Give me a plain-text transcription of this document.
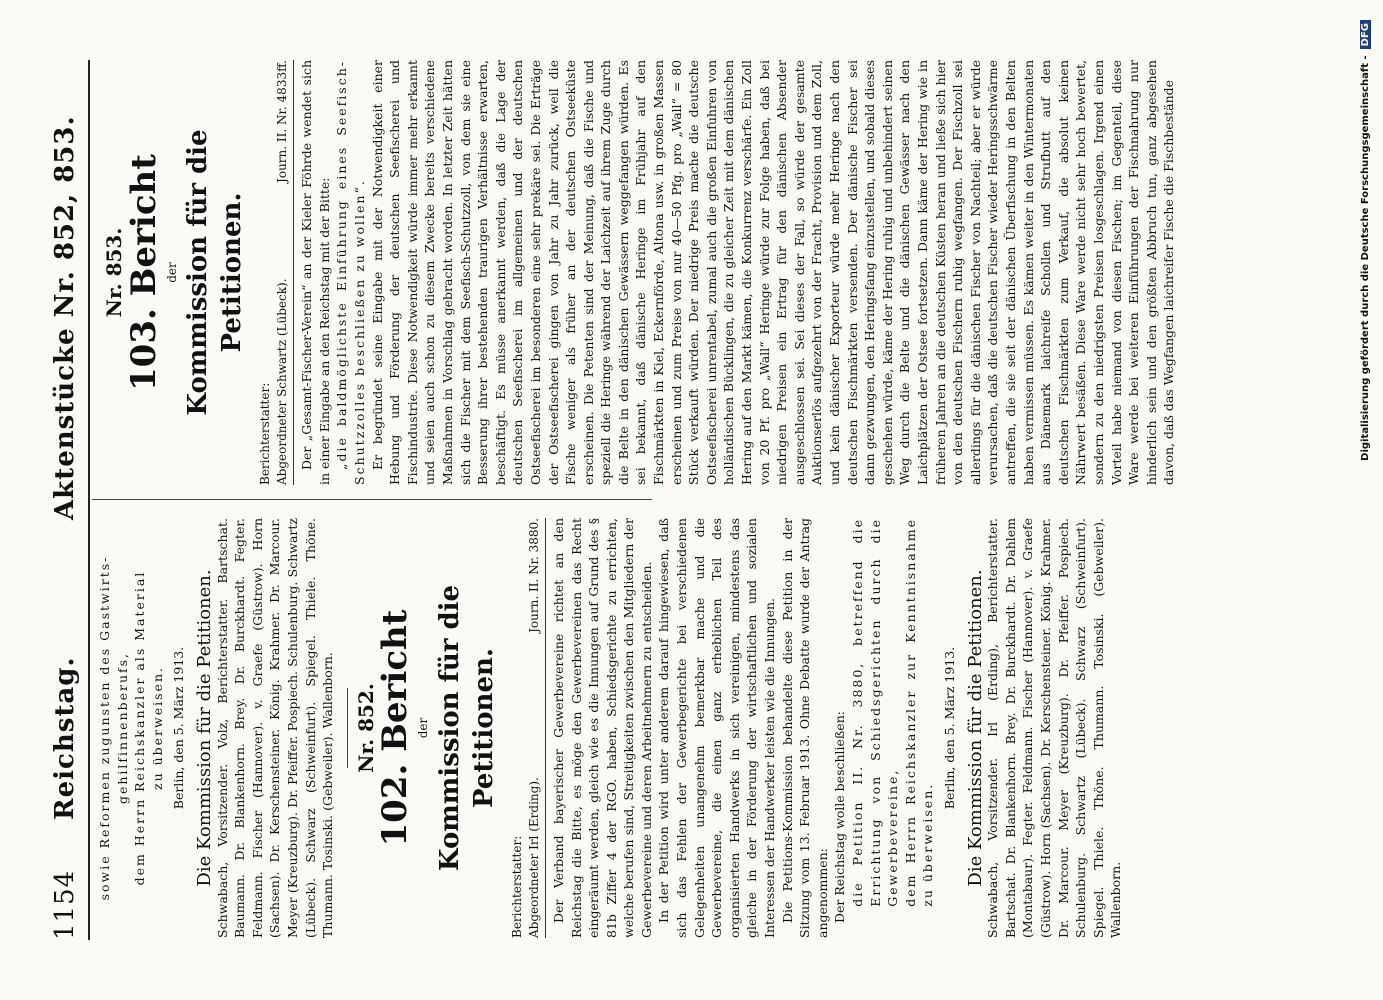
1154
Reichstag.
Aktenstücke Nr. 852, 853.
sowie Reformen zugunsten des Gastwirts- gehilfinnenberufs, dem Herrn Reichskanzler als Material zu überweisen. Berlin, den 5. März 1913. Die Kommission für die Petitionen. Schwabach, Vorsitzender. Volz, Berichterstatter. Bartschat. Baumann. Dr. Blankenhorn. Brey. Dr. Burckhardt. Fegter. Feldmann. Fischer (Hannover). v. Graefe (Güstrow). Horn (Sachsen). Dr. Kerschensteiner. König. Krahmer. Dr. Marcour. Meyer (Kreuzburg). Dr. Pfeiffer. Pospiech. Schulenburg. Schwartz (Lübeck). Schwarz (Schweinfurt). Spiegel. Thiele. Thöne. Thumann. Tosinski. (Gebweiler). Wallenborn. Nr. 852.
102. Bericht der Kommission für die Petitionen.
Berichterstatter: Abgeordneter Irl (Erding).
Journ. II. Nr. 3880. Der Verband bayerischer Gewerbevereine richtet an den Reichstag die Bitte, es möge den Gewerbevereinen das Recht eingeräumt werden, gleich wie es die Innungen auf Grund des § 81b Ziffer 4 der RGO. haben, Schiedsgerichte zu errichten, welche berufen sind, Streitigkeiten zwischen den Mitgliedern der Gewerbevereine und deren Arbeitnehmern zu entscheiden. In der Petition wird unter anderem darauf hingewiesen, daß sich das Fehlen der Gewerbegerichte bei verschiedenen Gelegenheiten unangenehm bemerkbar mache und die Gewerbevereine, die einen ganz erheblichen Teil des organisierten Handwerks in sich vereinigen, mindestens das gleiche in der Förderung der wirtschaftlichen und sozialen Interessen der Handwerker leisten wie die Innungen. Die Petitions-Kommission behandelte diese Petition in der Sitzung vom 13. Februar 1913. Ohne Debatte wurde der Antrag angenommen: Der Reichstag wolle beschließen: die Petition II. Nr. 3880, betreffend die Errichtung von Schiedsgerichten durch die Gewerbevereine, dem Herrn Reichskanzler zur Kenntnisnahme zu überweisen.

Berlin, den 5. März 1913. Die Kommission für die Petitionen. Schwabach, Vorsitzender. Irl (Erding), Berichterstatter. Bartschat. Dr. Blankenhorn. Brey. Dr. Burckhardt. Dr. Dahlem (Montabaur). Fegter. Feldmann. Fischer (Hannover). v. Graefe (Güstrow). Horn (Sachsen). Dr. Kerschensteiner. König. Krahmer. Dr. Marcour. Meyer (Kreuzburg). Dr. Pfeiffer. Pospiech. Schulenburg. Schwartz (Lübeck). Schwarz (Schweinfurt). Spiegel. Thiele. Thöne. Thumann. Tosinski. (Gebweiler). Wallenborn.

Nr. 853.
103. Bericht der Kommission für die Petitionen.
Berichterstatter: Abgeordneter Schwartz (Lübeck).
Journ. II. Nr. 4833ff. Der „Gesamt-Fischer-Verein“ an der Kieler Föhrde wendet sich in einer Eingabe an den Reichstag mit der Bitte: „die baldmöglichste Einführung eines Seefisch-Schutzzolles beschließen zu wollen“. Er begründet seine Eingabe mit der Notwendigkeit einer Hebung und Förderung der deutschen Seefischerei und Fischindustrie. Diese Notwendigkeit würde immer mehr erkannt und seien auch schon zu diesem Zwecke bereits verschiedene Maßnahmen in Vorschlag gebracht worden. In letzter Zeit hätten sich die Fischer mit dem Seefisch-Schutzzoll, von dem sie eine Besserung ihrer bestehenden traurigen Verhältnisse erwarten, beschäftigt. Es müsse anerkannt werden, daß die Lage der deutschen Seefischerei im allgemeinen und der deutschen Ostseefischerei im besonderen eine sehr prekäre sei. Die Erträge der Ostseefischerei gingen von Jahr zu Jahr zurück, weil die Fische weniger als früher an der deutschen Ostseeküste erscheinen. Die Petenten sind der Meinung, daß die Fische und speziell die Heringe während der Laichzeit auf ihrem Zuge durch die Belte in den dänischen Gewässern weggefangen würden. Es sei bekannt, daß dänische Heringe im Frühjahr auf den Fischmärkten in Kiel, Eckernförde, Altona usw. in großen Massen erscheinen und zum Preise von nur 40—50 Pfg. pro „Wall“ = 80 Stück verkauft würden. Der niedrige Preis mache die deutsche Ostseefischerei unrentabel, zumal auch die großen Einfuhren von holländischen Bücklingen, die zu gleicher Zeit mit dem dänischen Hering auf den Markt kämen, die Konkurrenz verschärfe. Ein Zoll von 20 Pf. pro „Wall“ Heringe würde zur Folge haben, daß bei niedrigen Preisen ein Ertrag für den dänischen Absender ausgeschlossen sei. Sei dieses der Fall, so würde der gesamte Auktionserlös aufgezehrt von der Fracht, Provision und dem Zoll, und kein dänischer Exporteur würde mehr Heringe nach den deutschen Fischmärkten versenden. Der dänische Fischer sei dann gezwungen, den Heringsfang einzustellen, und sobald dieses geschehen würde, käme der Hering ruhig und unbehindert seinen Weg durch die Belte und die dänischen Gewässer nach den Laichplätzen der Ostsee fortsetzen. Dann käme der Hering wie in früheren Jahren an die deutschen Küsten heran und ließe sich hier von den deutschen Fischern ruhig wegfangen. Der Fischzoll sei allerdings für die dänischen Fischer von Nachteil; aber er würde verursachen, daß die deutschen Fischer wieder Heringsschwärme antreffen, die sie seit der dänischen Überfischung in den Belten haben vermissen müssen. Es kämen weiter in den Wintermonaten aus Dänemark laichreife Schollen und Strufbutt auf den deutschen Fischmärkten zum Verkauf, die absolut keinen Nährwert besäßen. Diese Ware werde nicht sehr hoch bewertet, sondern zu den niedrigsten Preisen losgeschlagen. Irgend einen Vorteil habe niemand von diesen Fischen; im Gegenteil, diese Ware werde bei weiteren Einführungen der Fischnahrung nur hinderlich sein und den größten Abbruch tun, ganz abgesehen davon, daß das Wegfangen laichreifer Fische die Fischbestände	Digitalisierung gefördert durch die Deutsche Forschungsgemeinschaft -DFG
